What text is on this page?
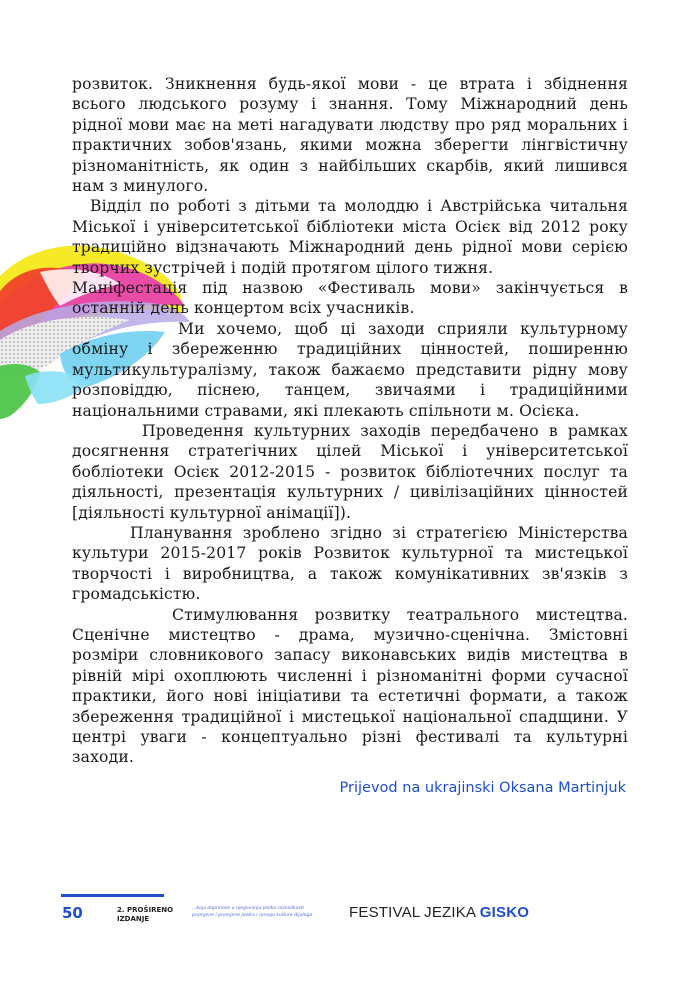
розвиток. Зникнення будь-якої мови - це втрата і збіднення всього людського розуму і знання. Тому Міжнародний день рідної мови має на меті нагадувати людству про ряд моральних і практичних зобов'язань, якими можна зберегти лінгвістичну різноманітність, як один з найбільших скарбів, який лишився нам з минулого.

Відділ по роботі з дітьми та молоддю і Австрійська читальня Міської і університетської бібліотеки міста Осієк від 2012 року традиційно відзначають Міжнародний день рідної мови серією творчих зустрічей і подій протягом цілого тижня.

Маніфестація під назвою «Фестиваль мови» закінчується в останній день концертом всіх учасників.

Ми хочемо, щоб ці заходи сприяли культурному обміну і збереженню традиційних цінностей, поширенню мультикультуралізму, також бажаємо представити рідну мову розповіддю, піснею, танцем, звичаями і традиційними національними стравами, які плекають спільноти м. Осієка.

Проведення культурних заходів передбачено в рамках досягнення стратегічних цілей Міської і університетської бобліотеки Осієк 2012-2015 - розвиток бібліотечних послуг та діяльності, презентація культурних / цивілізаційних цінностей [діяльності культурної анімації]).

Планування зроблено згідно зі стратегією Міністерства культури 2015-2017 років Розвиток культурної та мистецької творчості і виробництва, а також комунікативних зв'язків з громадськістю.

Стимулювання розвитку театрального мистецтва. Сценічне мистецтво - драма, музично-сценічна. Змістовні розміри словникового запасу виконавських видів мистецтва в рівній мірі охоплюють численні і різноманітні форми сучасної практики, його нові ініціативи та естетичні формати, а також збереження традиційної і мистецької національної спадщини. У центрі уваги - концептуально різні фестивалі та культурні заходи.

Prijevod na ukrajinski Oksana Martinjuk
50	2. PROŠIRENO
IZDANJE
...koja doprinose u njegovanju jezika raznolikosti
promjene i promjene jezika i mnogo kulture dijaloga	FESTIVAL JEZIKA GISKO
